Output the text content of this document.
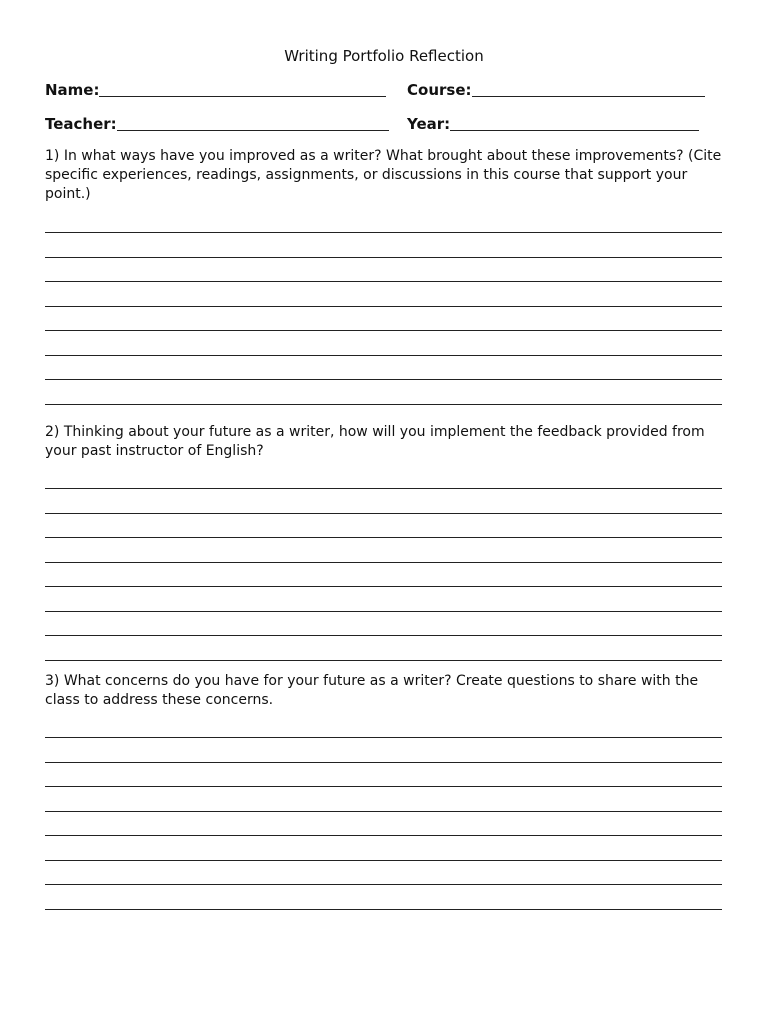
Writing Portfolio Reflection
Name:	Course:
Teacher:	Year:
1) In what ways have you improved as a writer? What brought about these improvements? (Cite specific experiences, readings, assignments, or discussions in this course that support your point.)
2) Thinking about your future as a writer, how will you implement the feedback provided from your past instructor of English?
3) What concerns do you have for your future as a writer? Create questions to share with the class to address these concerns.
